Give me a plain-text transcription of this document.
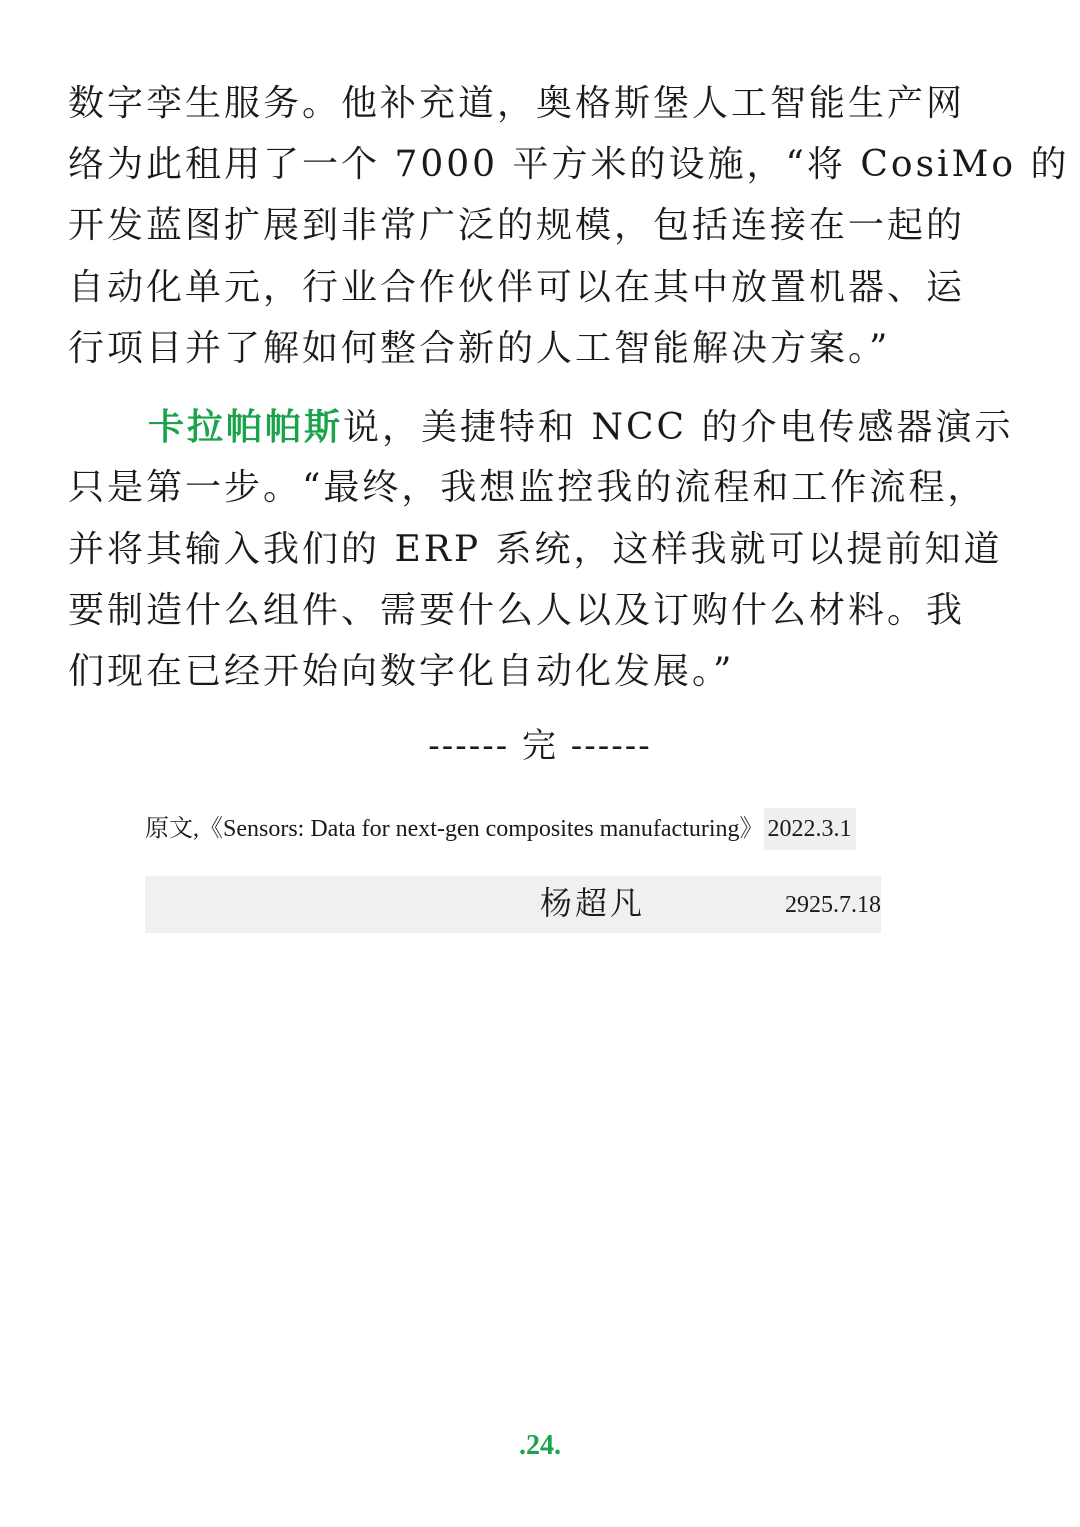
数字孪生服务。他补充道，奥格斯堡人工智能生产网
络为此租用了一个 7000 平方米的设施，“将 CosiMo 的
开发蓝图扩展到非常广泛的规模，包括连接在一起的
自动化单元，行业合作伙伴可以在其中放置机器、运
行项目并了解如何整合新的人工智能解决方案。”
卡拉帕帕斯说，美捷特和 NCC 的介电传感器演示
只是第一步。“最终，我想监控我的流程和工作流程，
并将其输入我们的 ERP 系统，这样我就可以提前知道
要制造什么组件、需要什么人以及订购什么材料。我
们现在已经开始向数字化自动化发展。”
------ 完 ------
原文,《Sensors: Data for next-gen composites manufacturing》 2022.3.1
杨超凡	2925.7.18
.24.
